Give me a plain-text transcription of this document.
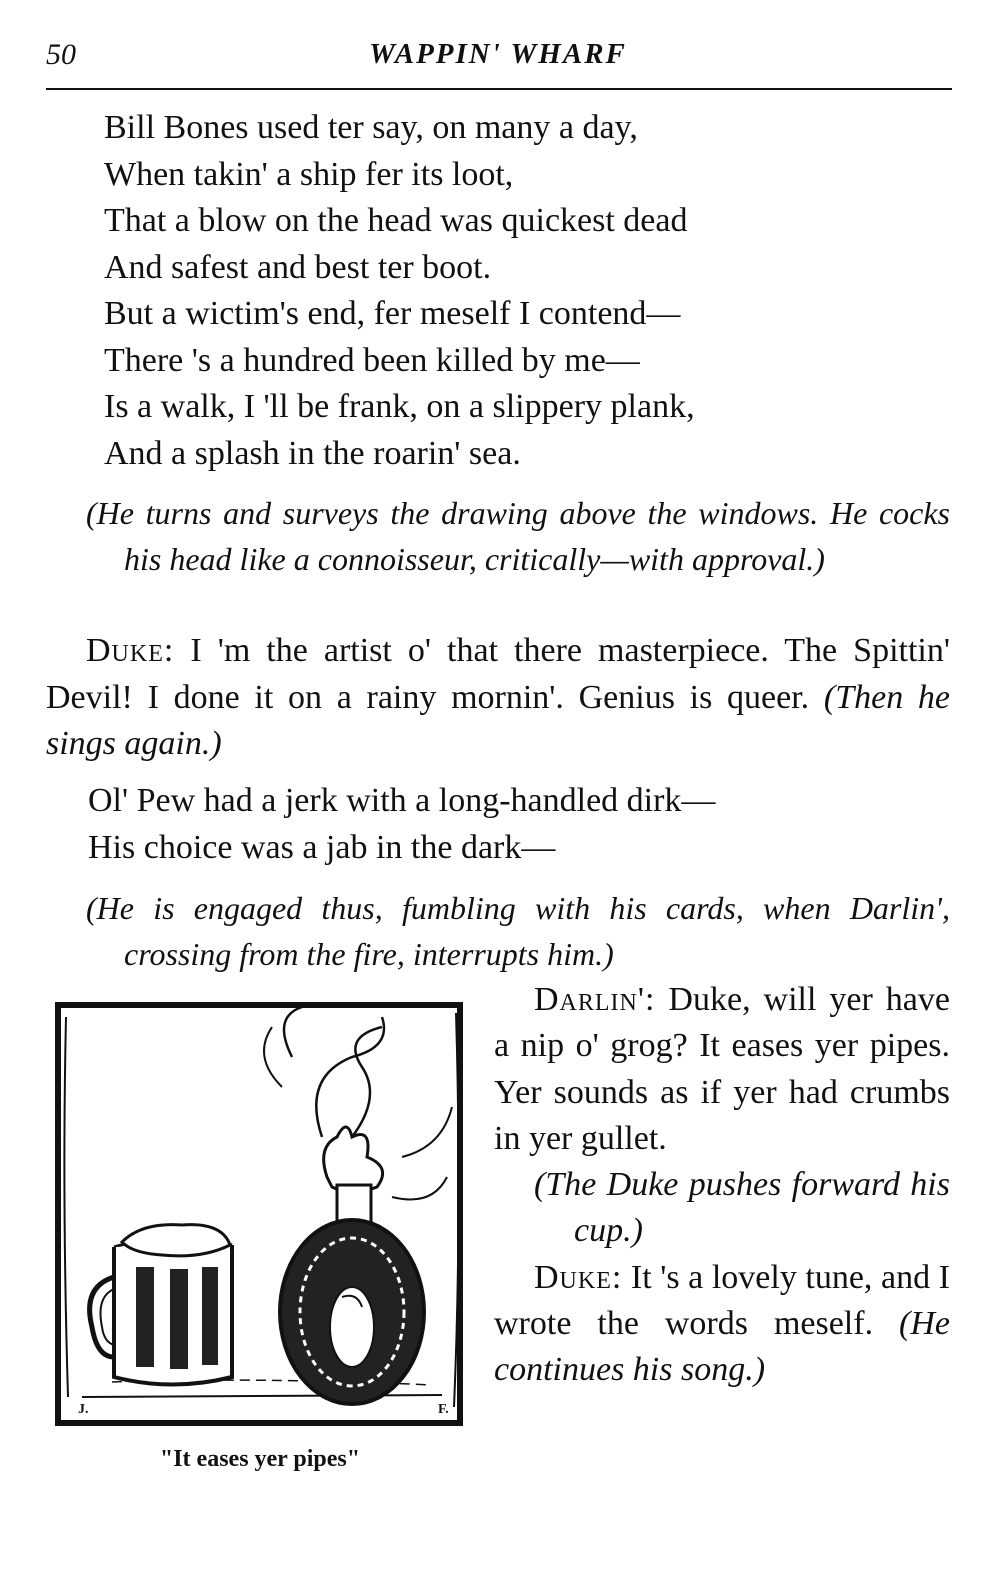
50	WAPPIN' WHARF
Bill Bones used ter say, on many a day,
When takin' a ship fer its loot,
That a blow on the head was quickest dead
And safest and best ter boot.
But a wictim's end, fer meself I contend—
There 's a hundred been killed by me—
Is a walk, I 'll be frank, on a slippery plank,
And a splash in the roarin' sea.
(He turns and surveys the drawing above the windows. He cocks his head like a connoisseur, critically—with approval.)
Duke: I 'm the artist o' that there masterpiece. The Spittin' Devil! I done it on a rainy mornin'. Genius is queer. (Then he sings again.)
Ol' Pew had a jerk with a long-handled dirk—
His choice was a jab in the dark—
(He is engaged thus, fumbling with his cards, when Darlin', crossing from the fire, interrupts him.)
J.	F.
"It eases yer pipes"
Darlin': Duke, will yer have a nip o' grog? It eases yer pipes. Yer sounds as if yer had crumbs in yer gullet.
(The Duke pushes forward his cup.)
Duke: It 's a lovely tune, and I wrote the words meself. (He continues his song.)
